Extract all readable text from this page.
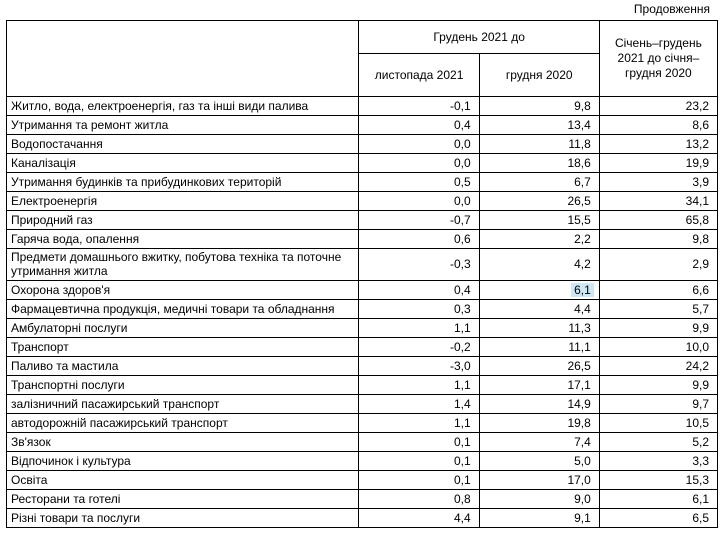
Продовження
	Грудень 2021 до		Січень–грудень 2021 до січня–грудня 2020
	листопада 2021	грудня 2020	
Житло, вода, електроенергія, газ та інші види палива	-0,1	9,8	23,2
Утримання та ремонт житла	0,4	13,4	8,6
Водопостачання	0,0	11,8	13,2
Каналізація	0,0	18,6	19,9
Утримання будинків та прибудинкових територій	0,5	6,7	3,9
Електроенергія	0,0	26,5	34,1
Природний газ	-0,7	15,5	65,8
Гаряча вода, опалення	0,6	2,2	9,8
Предмети домашнього вжитку, побутова техніка та поточне утримання житла	-0,3	4,2	2,9
Охорона здоров'я	0,4	6,1	6,6
Фармацевтична продукція, медичні товари та обладнання	0,3	4,4	5,7
Амбулаторні послуги	1,1	11,3	9,9
Транспорт	-0,2	11,1	10,0
Паливо та мастила	-3,0	26,5	24,2
Транспортні послуги	1,1	17,1	9,9
залізничний пасажирський транспорт	1,4	14,9	9,7
автодорожній пасажирський транспорт	1,1	19,8	10,5
Зв'язок	0,1	7,4	5,2
Відпочинок і культура	0,1	5,0	3,3
Освіта	0,1	17,0	15,3
Ресторани та готелі	0,8	9,0	6,1
Різні товари та послуги	4,4	9,1	6,5
